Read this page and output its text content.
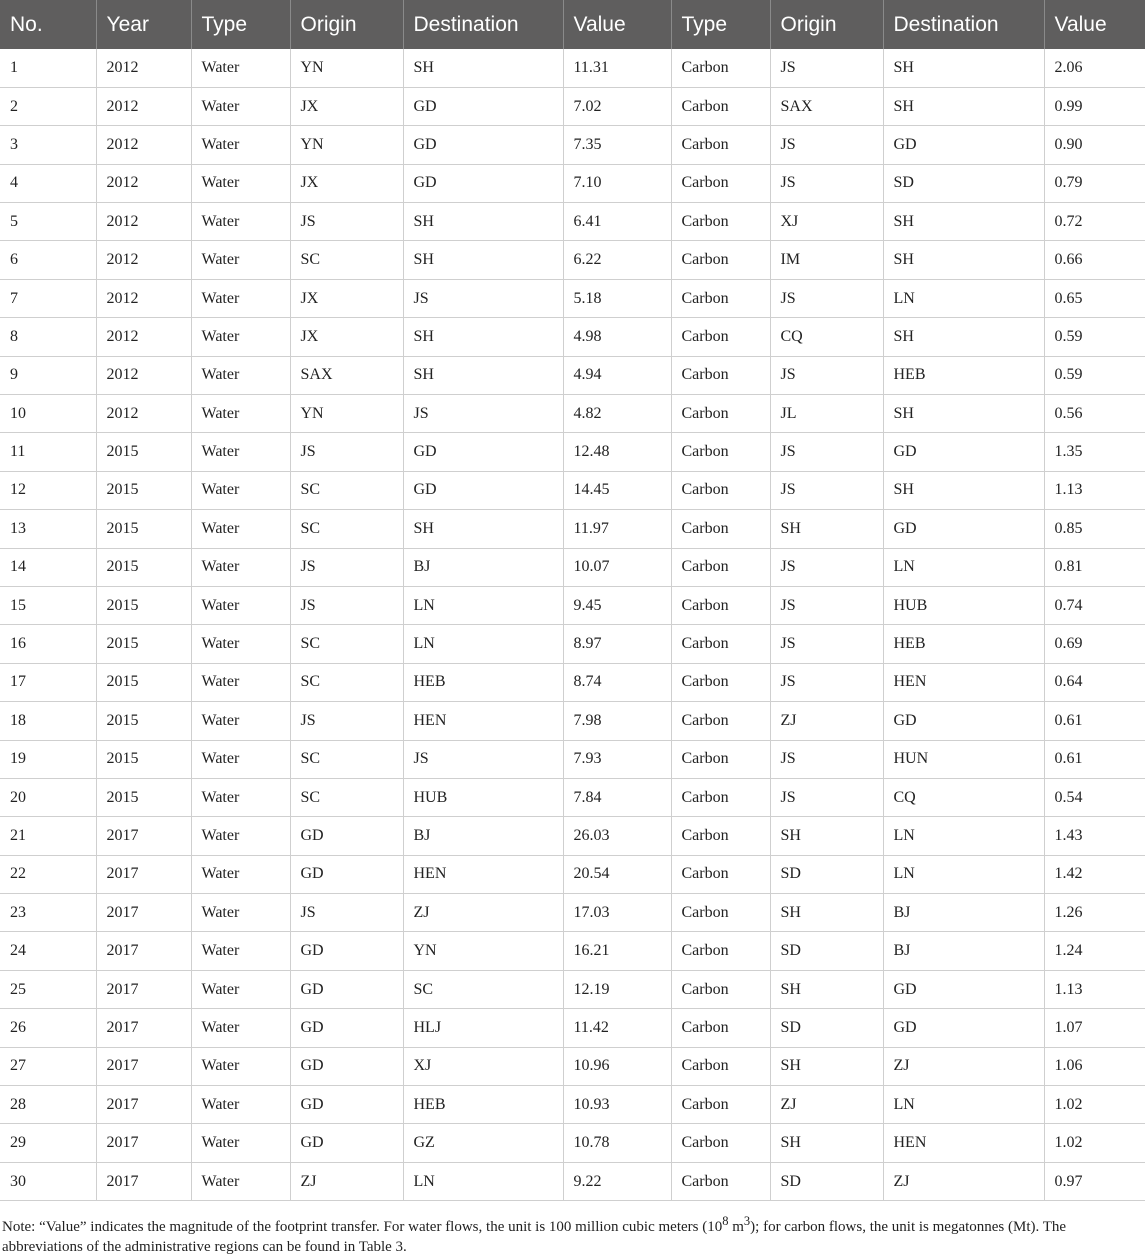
No.	Year	Type	Origin	Destination	Value	Type	Origin	Destination	Value
1	2012	Water	YN	SH	11.31	Carbon	JS	SH	2.06
2	2012	Water	JX	GD	7.02	Carbon	SAX	SH	0.99
3	2012	Water	YN	GD	7.35	Carbon	JS	GD	0.90
4	2012	Water	JX	GD	7.10	Carbon	JS	SD	0.79
5	2012	Water	JS	SH	6.41	Carbon	XJ	SH	0.72
6	2012	Water	SC	SH	6.22	Carbon	IM	SH	0.66
7	2012	Water	JX	JS	5.18	Carbon	JS	LN	0.65
8	2012	Water	JX	SH	4.98	Carbon	CQ	SH	0.59
9	2012	Water	SAX	SH	4.94	Carbon	JS	HEB	0.59
10	2012	Water	YN	JS	4.82	Carbon	JL	SH	0.56
11	2015	Water	JS	GD	12.48	Carbon	JS	GD	1.35
12	2015	Water	SC	GD	14.45	Carbon	JS	SH	1.13
13	2015	Water	SC	SH	11.97	Carbon	SH	GD	0.85
14	2015	Water	JS	BJ	10.07	Carbon	JS	LN	0.81
15	2015	Water	JS	LN	9.45	Carbon	JS	HUB	0.74
16	2015	Water	SC	LN	8.97	Carbon	JS	HEB	0.69
17	2015	Water	SC	HEB	8.74	Carbon	JS	HEN	0.64
18	2015	Water	JS	HEN	7.98	Carbon	ZJ	GD	0.61
19	2015	Water	SC	JS	7.93	Carbon	JS	HUN	0.61
20	2015	Water	SC	HUB	7.84	Carbon	JS	CQ	0.54
21	2017	Water	GD	BJ	26.03	Carbon	SH	LN	1.43
22	2017	Water	GD	HEN	20.54	Carbon	SD	LN	1.42
23	2017	Water	JS	ZJ	17.03	Carbon	SH	BJ	1.26
24	2017	Water	GD	YN	16.21	Carbon	SD	BJ	1.24
25	2017	Water	GD	SC	12.19	Carbon	SH	GD	1.13
26	2017	Water	GD	HLJ	11.42	Carbon	SD	GD	1.07
27	2017	Water	GD	XJ	10.96	Carbon	SH	ZJ	1.06
28	2017	Water	GD	HEB	10.93	Carbon	ZJ	LN	1.02
29	2017	Water	GD	GZ	10.78	Carbon	SH	HEN	1.02
30	2017	Water	ZJ	LN	9.22	Carbon	SD	ZJ	0.97
Note: “Value” indicates the magnitude of the footprint transfer. For water flows, the unit is 100 million cubic meters ($10^8$ $m^3$); for carbon flows, the unit is megatonnes (Mt). The abbreviations of the administrative regions can be found in Table 3.
